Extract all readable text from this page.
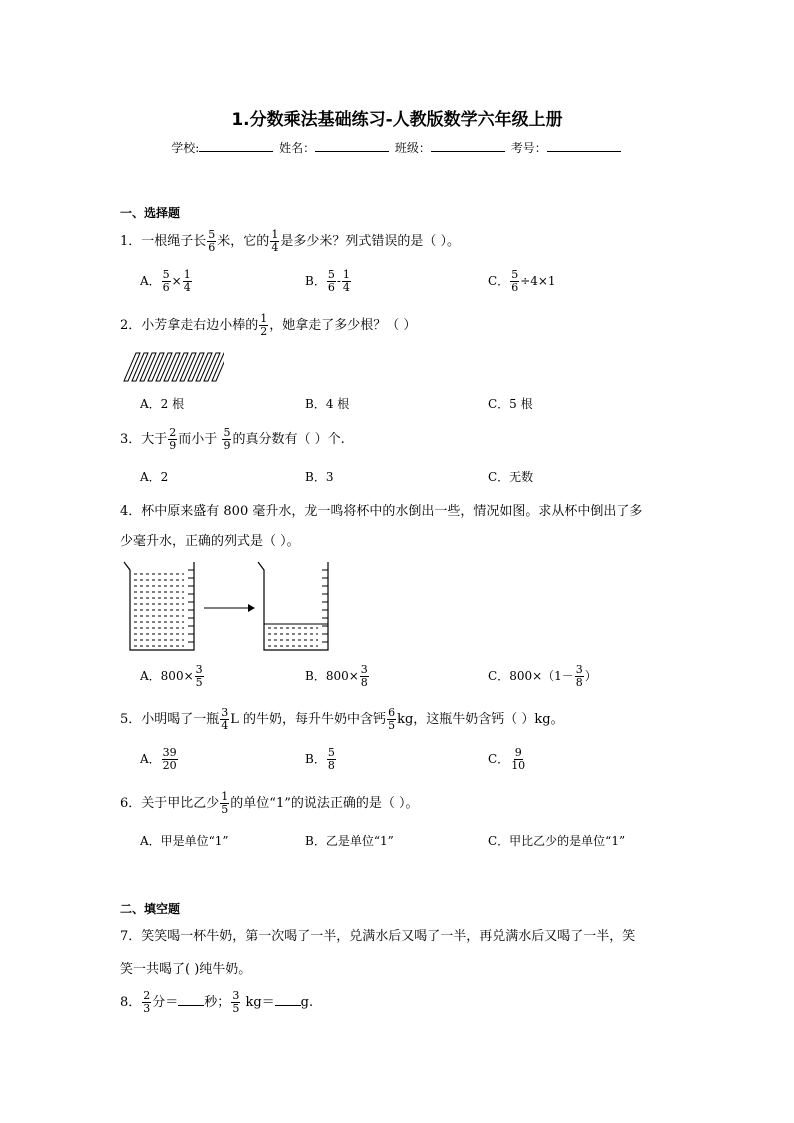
1.分数乘法基础练习-人教版数学六年级上册
学校:	姓名：	班级：	考号：
一、选择题
1．一根绳子长 $\frac{5}{6}$ 米，它的 $\frac{1}{4}$ 是多少米？列式错误的是（ ）。
A． $\frac{5}{6} \times \frac{1}{4}$	B． $\frac{5}{6} - \frac{1}{4}$	C． $\frac{5}{6} \div 4\times 1$
2．小芳拿走右边小棒的 $\frac{1}{2}$ ，她拿走了多少根？（ ）
A．2 根	B．4 根	C．5 根
3．大于 $\frac{2}{9}$ 而小于 $\frac{5}{9}$ 的真分数有（ ）个.
A．2	B．3	C．无数
4．杯中原来盛有 800 毫升水，龙一鸣将杯中的水倒出一些，情况如图。求从杯中倒出了多
少毫升水，正确的列式是（ ）。
A．$800\times \frac{3}{5}$	B．$800\times \frac{3}{8}$	C．$800\times(1- \frac{3}{8}$ ）
5．小明喝了一瓶 $\frac{3}{4}$ L 的牛奶，每升牛奶中含钙 $\frac{6}{5}$ kg，这瓶牛奶含钙（ ）kg。
A． $\frac{39}{20}$	B． $\frac{5}{8}$	C． $\frac{9}{10}$
6．关于甲比乙少 $\frac{1}{5}$ 的单位“1”的说法正确的是（ ）。
A．甲是单位“1”	B．乙是单位“1”	C．甲比乙少的是单位“1”
二、填空题
7．笑笑喝一杯牛奶，第一次喝了一半，兑满水后又喝了一半，再兑满水后又喝了一半，笑
笑一共喝了( )纯牛奶。
8． $\frac{2}{3}$ 分＝ 秒； $\frac{3}{5} kg= g$.
